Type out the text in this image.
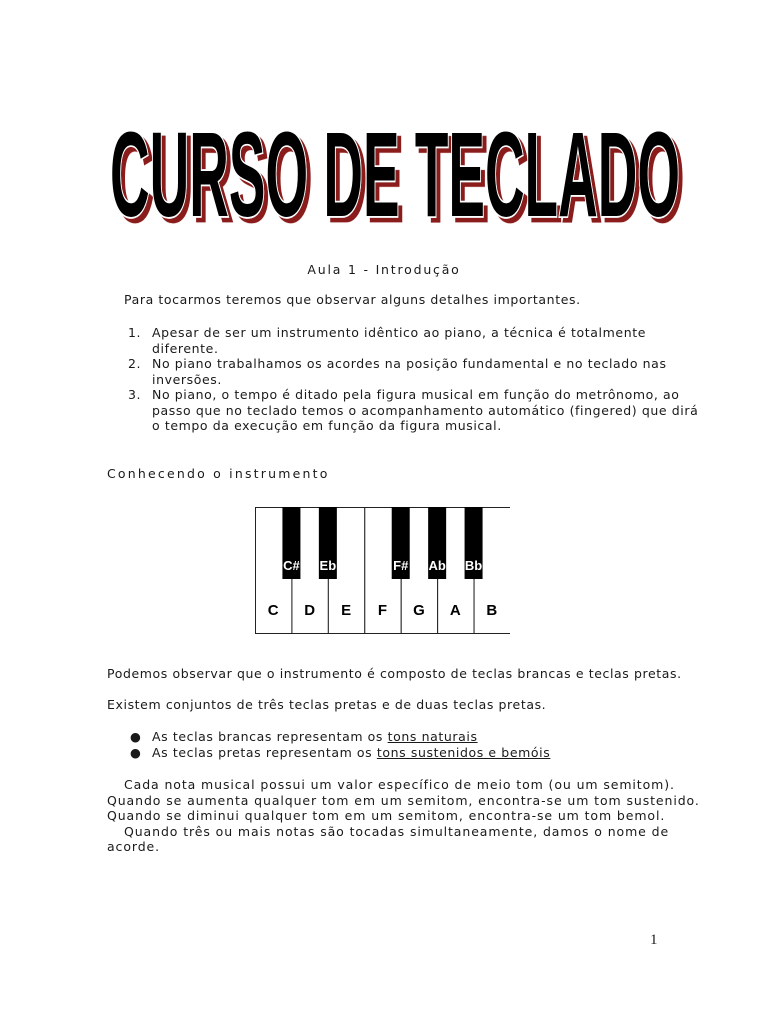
CURSO DE TECLADO
Aula 1 - Introdução
Para tocarmos teremos que observar alguns detalhes importantes.
1. Apesar de ser um instrumento idêntico ao piano, a técnica é totalmente
diferente.
2. No piano trabalhamos os acordes na posição fundamental e no teclado nas
inversões.
3. No piano, o tempo é ditado pela figura musical em função do metrônomo, ao
passo que no teclado temos o acompanhamento automático (fingered) que dirá
o tempo da execução em função da figura musical.
Conhecendo o instrumento
C D E F G A B
C# Eb	F# Ab Bb
Podemos observar que o instrumento é composto de teclas brancas e teclas pretas.
Existem conjuntos de três teclas pretas e de duas teclas pretas.
● As teclas brancas representam os tons naturais
● As teclas pretas representam os tons sustenidos e bemóis
Cada nota musical possui um valor específico de meio tom (ou um semitom).
Quando se aumenta qualquer tom em um semitom, encontra-se um tom sustenido.
Quando se diminui qualquer tom em um semitom, encontra-se um tom bemol.
Quando três ou mais notas são tocadas simultaneamente, damos o nome de
acorde.
1
